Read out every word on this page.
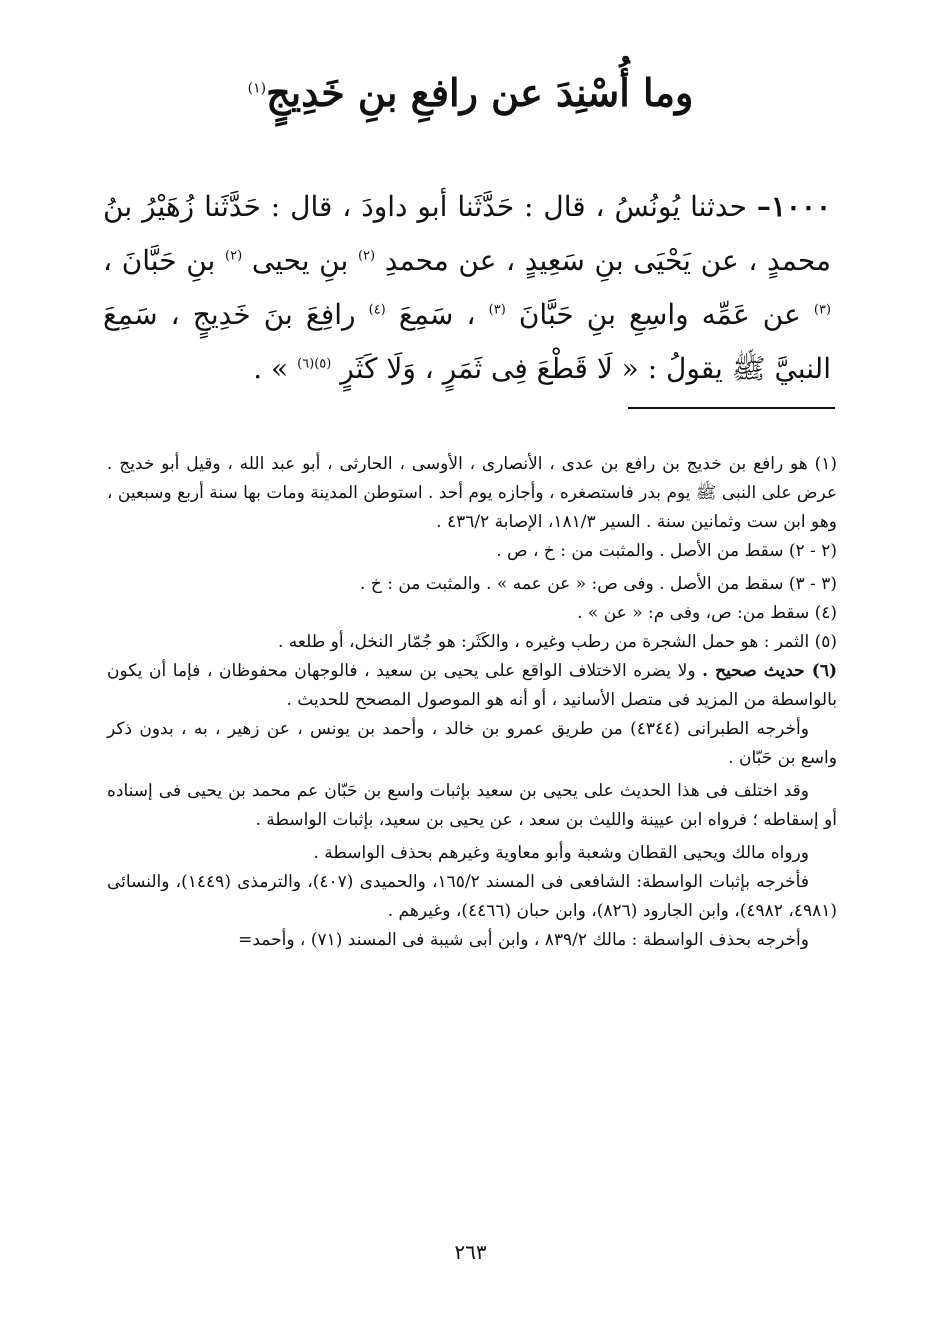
وما أُسْنِدَ عن رافعِ بنِ خَدِيجٍ$^{(١)}$
١٠٠٠– حدثنا يُونُسُ ، قال : حَدَّثَنا أبو داودَ ، قال : حَدَّثَنا زُهَيْرُ بنُ محمدٍ ، عن يَحْيَى بنِ سَعِيدٍ ، عن محمدِ $^{(٢)}$ بنِ يحيى $^{(٢)}$ بنِ حَبَّانَ ، $^{(٣)}$ عن عَمِّه واسِعِ بنِ حَبَّانَ $^{(٣)}$ ، سَمِعَ $^{(٤)}$ رافِعَ بنَ خَدِيجٍ ، سَمِعَ النبيَّ ﷺ يقولُ : « لَا قَطْعَ فِى ثَمَرٍ ، وَلَا كَثَرٍ $^{(٥)(٦)}$ » .

(١) هو رافع بن خديج بن رافع بن عدى ، الأنصارى ، الأوسى ، الحارثى ، أبو عبد الله ، وقيل أبو خديج . عرض على النبى ﷺ يوم بدر فاستصغره ، وأجازه يوم أحد . استوطن المدينة ومات بها سنة أربع وسبعين ، وهو ابن ست وثمانين سنة . السير ١٨١/٣، الإصابة ٤٣٦/٢ .

(٢ - ٢) سقط من الأصل . والمثبت من : خ ، ص .

(٣ - ٣) سقط من الأصل . وفى ص: « عن عمه » . والمثبت من : خ .

(٤) سقط من: ص، وفى م: « عن » .

(٥) الثمر : هو حمل الشجرة من رطب وغيره ، والكَثَر: هو جُمّار النخل، أو طلعه .

(٦) حديث صحيح . ولا يضره الاختلاف الواقع على يحيى بن سعيد ، فالوجهان محفوظان ، فإما أن يكون بالواسطة من المزيد فى متصل الأسانيد ، أو أنه هو الموصول المصحح للحديث .

وأخرجه الطبرانى (٤٣٤٤) من طريق عمرو بن خالد ، وأحمد بن يونس ، عن زهير ، به ، بدون ذكر واسع بن حَبّان .

وقد اختلف فى هذا الحديث على يحيى بن سعيد بإثبات واسع بن حَبّان عم محمد بن يحيى فى إسناده أو إسقاطه ؛ فرواه ابن عيينة والليث بن سعد ، عن يحيى بن سعيد، بإثبات الواسطة .

ورواه مالك ويحيى القطان وشعبة وأبو معاوية وغيرهم بحذف الواسطة .

فأخرجه بإثبات الواسطة: الشافعى فى المسند ١٦٥/٢، والحميدى (٤٠٧)، والترمذى (١٤٤٩)، والنسائى (٤٩٨١، ٤٩٨٢)، وابن الجارود (٨٢٦)، وابن حبان (٤٤٦٦)، وغيرهم .

وأخرجه بحذف الواسطة : مالك ٨٣٩/٢ ، وابن أبى شيبة فى المسند (٧١) ، وأحمد=

٢٦٣
